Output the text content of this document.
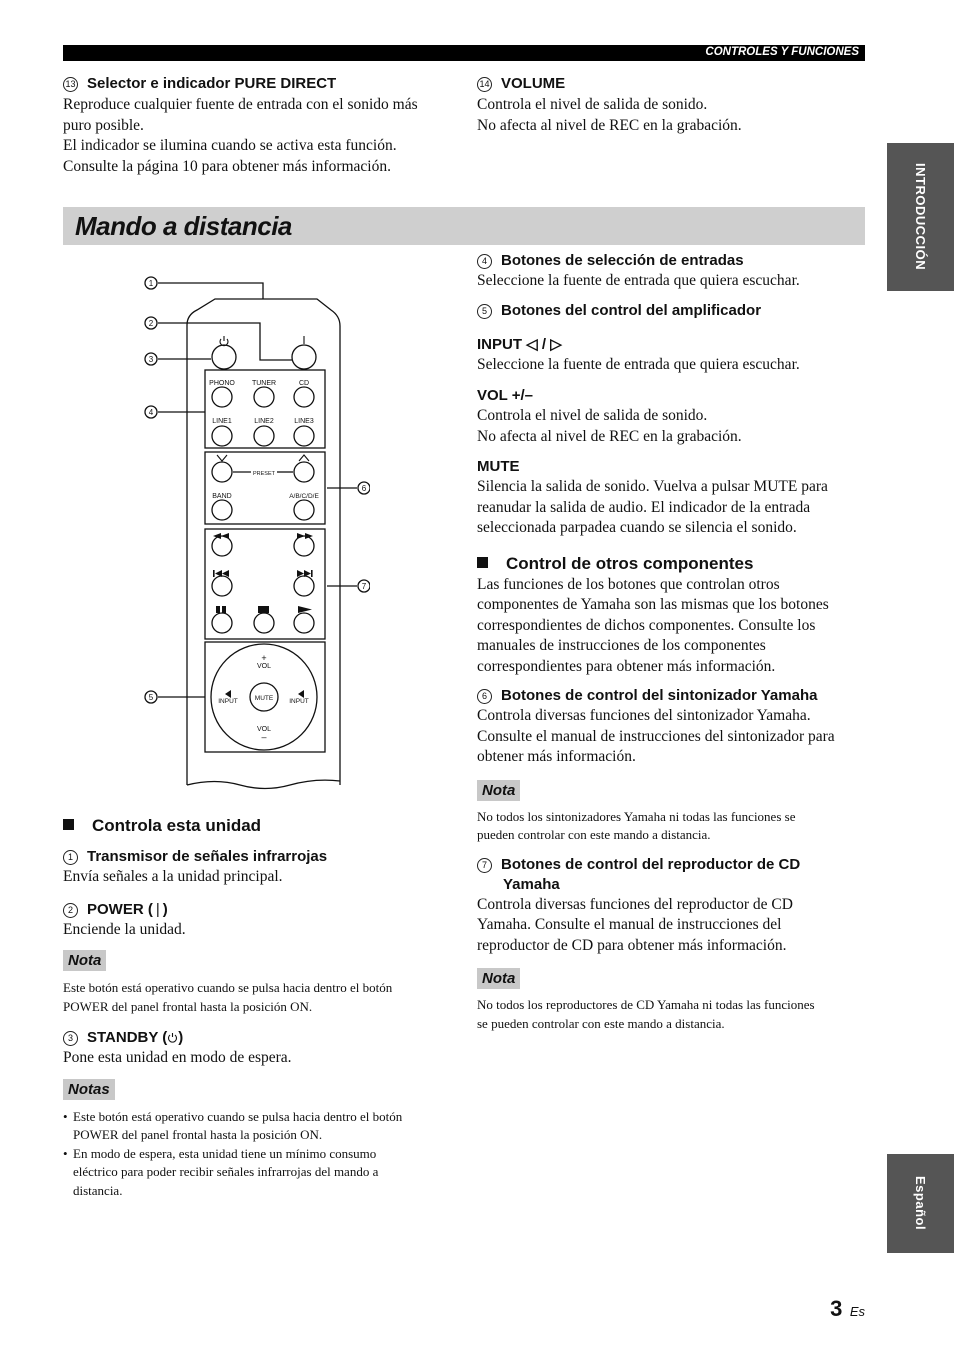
CONTROLES Y FUNCIONES
13 Selector e indicador PURE DIRECT
Reproduce cualquier fuente de entrada con el sonido más
puro posible.
El indicador se ilumina cuando se activa esta función.
Consulte la página 10 para obtener más información.
14 VOLUME
Controla el nivel de salida de sonido.
No afecta al nivel de REC en la grabación.
Mando a distancia	INTRODUCCIÓN
Español
1
2
3
4
5
6
7
PHONO TUNER	CD
LINE1	LINE2	LINE3
PRESET
BAND	A/B/C/D/E
+
VOL
MUTE
INPUT	INPUT
VOL
–
Controla esta unidad
1 Transmisor de señales infrarrojas
Envía señales a la unidad principal.
2 POWER ( | )
Enciende la unidad.
Nota
Este botón está operativo cuando se pulsa hacia dentro el botón
POWER del panel frontal hasta la posición ON.
3 STANDBY ( )
Pone esta unidad en modo de espera.
Notas
• Este botón está operativo cuando se pulsa hacia dentro el botón
POWER del panel frontal hasta la posición ON.
• En modo de espera, esta unidad tiene un mínimo consumo
eléctrico para poder recibir señales infrarrojas del mando a
distancia.
4 Botones de selección de entradas
Seleccione la fuente de entrada que quiera escuchar.
5 Botones del control del amplificador
INPUT ◁ / ▷
Seleccione la fuente de entrada que quiera escuchar.
VOL +/–
Controla el nivel de salida de sonido.
No afecta al nivel de REC en la grabación.
MUTE
Silencia la salida de sonido. Vuelva a pulsar MUTE para
reanudar la salida de audio. El indicador de la entrada
seleccionada parpadea cuando se silencia el sonido.
Control de otros componentes
Las funciones de los botones que controlan otros
componentes de Yamaha son las mismas que los botones
correspondientes de dichos componentes. Consulte los
manuales de instrucciones de los componentes
correspondientes para obtener más información.
6 Botones de control del sintonizador Yamaha
Controla diversas funciones del sintonizador Yamaha.
Consulte el manual de instrucciones del sintonizador para
obtener más información.
Nota
No todos los sintonizadores Yamaha ni todas las funciones se
pueden controlar con este mando a distancia.
7 Botones de control del reproductor de CD
Yamaha
Controla diversas funciones del reproductor de CD
Yamaha. Consulte el manual de instrucciones del
reproductor de CD para obtener más información.
Nota
No todos los reproductores de CD Yamaha ni todas las funciones
se pueden controlar con este mando a distancia.
3 Es
